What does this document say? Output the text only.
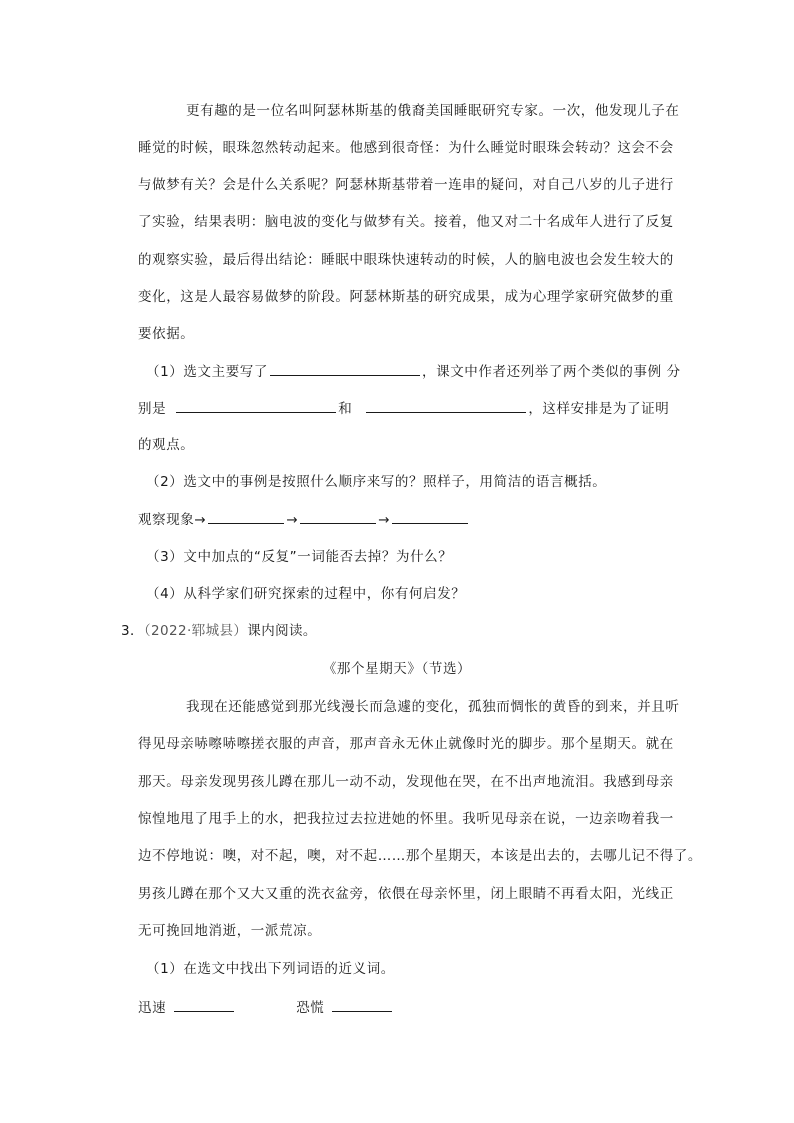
更有趣的是一位名叫阿瑟林斯基的俄裔美国睡眠研究专家。一次，他发现儿子在
睡觉的时候，眼珠忽然转动起来。他感到很奇怪：为什么睡觉时眼珠会转动？这会不会
与做梦有关？会是什么关系呢？阿瑟林斯基带着一连串的疑问，对自己八岁的儿子进行
了实验，结果表明：脑电波的变化与做梦有关。接着，他又对二十名成年人进行了反复
的观察实验，最后得出结论：睡眠中眼珠快速转动的时候，人的脑电波也会发生较大的
变化，这是人最容易做梦的阶段。阿瑟林斯基的研究成果，成为心理学家研究做梦的重
要依据。
（1）选文主要写了	，课文中作者还列举了两个类似的事例 分
别是	和	，这样安排是为了证明
的观点。
（2）选文中的事例是按照什么顺序来写的？照样子，用简洁的语言概括。
观察现象→	→	→
（3）文中加点的“反复”一词能否去掉？为什么？
（4）从科学家们研究探索的过程中，你有何启发？
3．（2022·郓城县）课内阅读。
《那个星期天》（节选）
我现在还能感觉到那光线漫长而急遽的变化，孤独而惆怅的黄昏的到来，并且听
得见母亲哧嚓哧嚓搓衣服的声音，那声音永无休止就像时光的脚步。那个星期天。就在
那天。母亲发现男孩儿蹲在那儿一动不动，发现他在哭，在不出声地流泪。我感到母亲
惊惶地甩了甩手上的水，把我拉过去拉进她的怀里。我听见母亲在说，一边亲吻着我一
边不停地说：噢，对不起，噢，对不起……那个星期天，本该是出去的，去哪儿记不得了。
男孩儿蹲在那个又大又重的洗衣盆旁，依偎在母亲怀里，闭上眼睛不再看太阳，光线正
无可挽回地消逝，一派荒凉。
（1）在选文中找出下列词语的近义词。
迅速	恐慌
